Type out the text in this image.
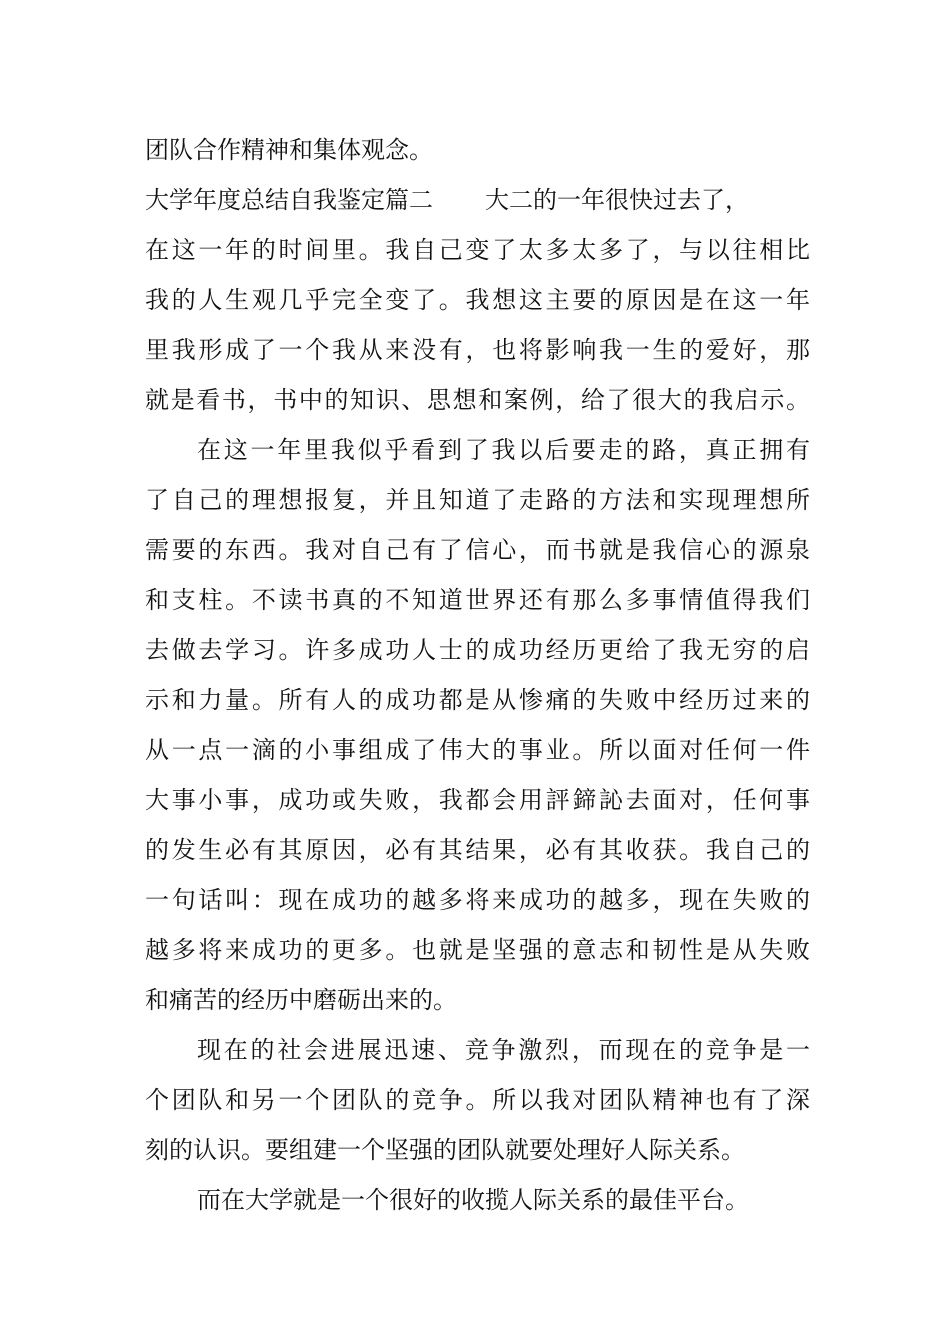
团队合作精神和集体观念。
大学年度总结自我鉴定篇二 大二的一年很快过去了，
在这一年的时间里。我自己变了太多太多了，与以往相比
我的人生观几乎完全变了。我想这主要的原因是在这一年
里我形成了一个我从来没有，也将影响我一生的爱好，那
就是看书，书中的知识、思想和案例，给了很大的我启示。
在这一年里我似乎看到了我以后要走的路，真正拥有
了自己的理想报复，并且知道了走路的方法和实现理想所
需要的东西。我对自己有了信心，而书就是我信心的源泉
和支柱。不读书真的不知道世界还有那么多事情值得我们
去做去学习。许多成功人士的成功经历更给了我无穷的启
示和力量。所有人的成功都是从惨痛的失败中经历过来的
从一点一滴的小事组成了伟大的事业。所以面对任何一件
大事小事，成功或失败，我都会用評鍗訫去面对，任何事
的发生必有其原因，必有其结果，必有其收获。我自己的
一句话叫：现在成功的越多将来成功的越多，现在失败的
越多将来成功的更多。也就是坚强的意志和韧性是从失败
和痛苦的经历中磨砺出来的。
现在的社会进展迅速、竞争激烈，而现在的竞争是一
个团队和另一个团队的竞争。所以我对团队精神也有了深
刻的认识。要组建一个坚强的团队就要处理好人际关系。
而在大学就是一个很好的收揽人际关系的最佳平台。
